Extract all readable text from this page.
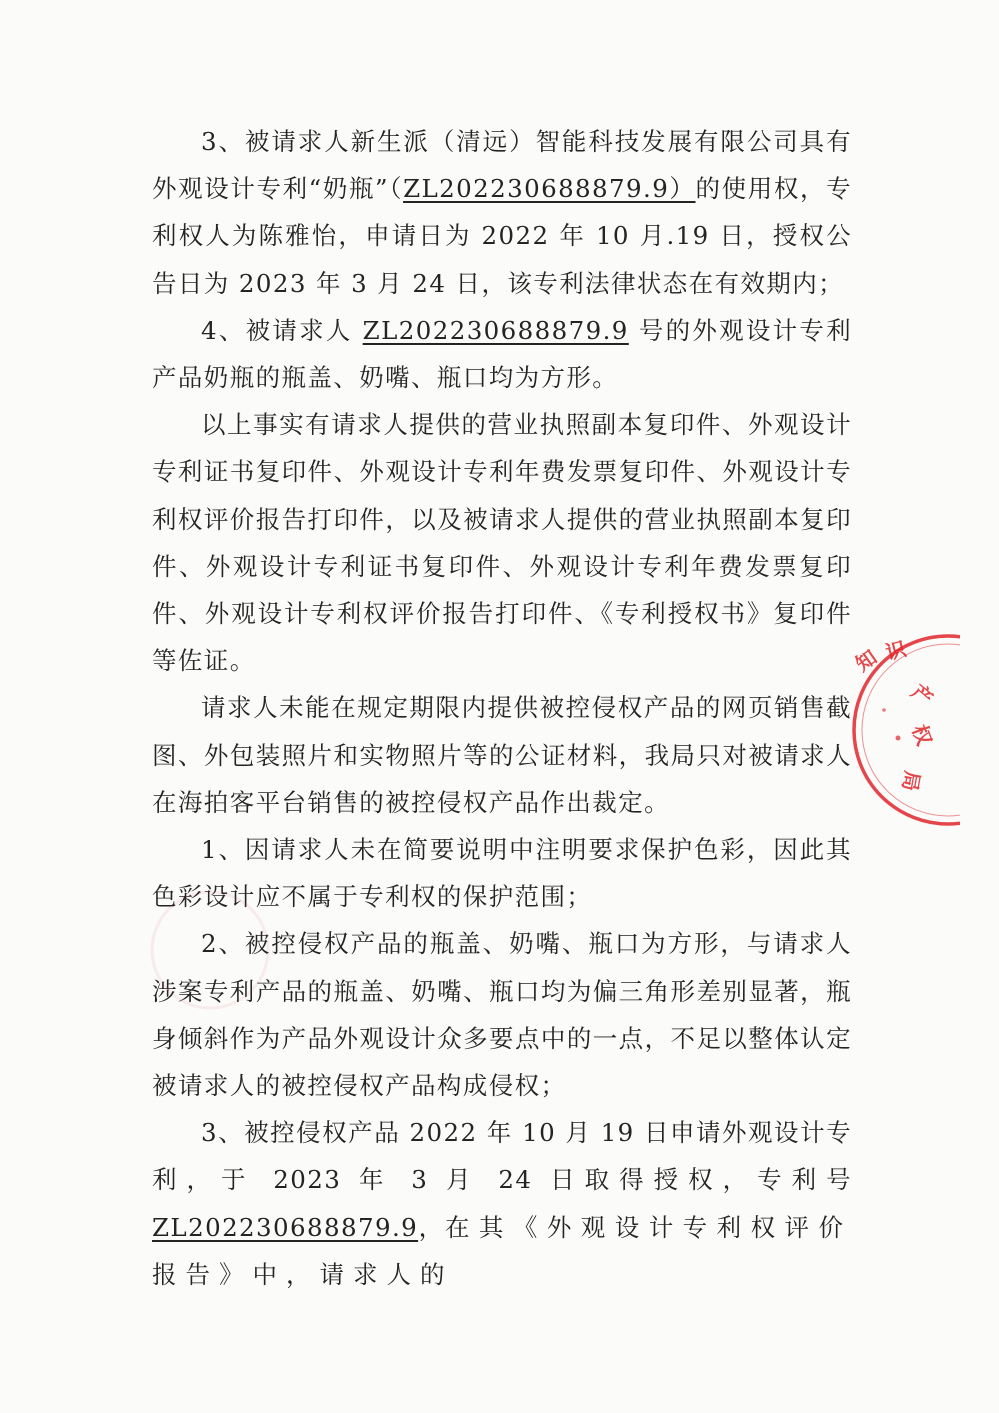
3、被请求人新生派（清远）智能科技发展有限公司具有外观设计专利“奶瓶”（ZL202230688879.9）的使用权，专利权人为陈雅怡，申请日为 2022 年 10 月.19 日，授权公告日为 2023 年 3 月 24 日，该专利法律状态在有效期内；

4、被请求人 ZL202230688879.9 号的外观设计专利产品奶瓶的瓶盖、奶嘴、瓶口均为方形。

以上事实有请求人提供的营业执照副本复印件、外观设计专利证书复印件、外观设计专利年费发票复印件、外观设计专利权评价报告打印件，以及被请求人提供的营业执照副本复印件、外观设计专利证书复印件、外观设计专利年费发票复印件、外观设计专利权评价报告打印件、《专利授权书》复印件等佐证。

请求人未能在规定期限内提供被控侵权产品的网页销售截图、外包装照片和实物照片等的公证材料，我局只对被请求人在海拍客平台销售的被控侵权产品作出裁定。

1、因请求人未在简要说明中注明要求保护色彩，因此其色彩设计应不属于专利权的保护范围；

2、被控侵权产品的瓶盖、奶嘴、瓶口为方形，与请求人涉案专利产品的瓶盖、奶嘴、瓶口均为偏三角形差别显著，瓶身倾斜作为产品外观设计众多要点中的一点，不足以整体认定被请求人的被控侵权产品构成侵权；

3、被控侵权产品 2022 年 10 月 19 日申请外观设计专利，于 2023 年 3 月 24 日取得授权，专利号 ZL202230688879.9，在其《外观设计专利权评价报告》中，请求人的

知 识
产
权
局
